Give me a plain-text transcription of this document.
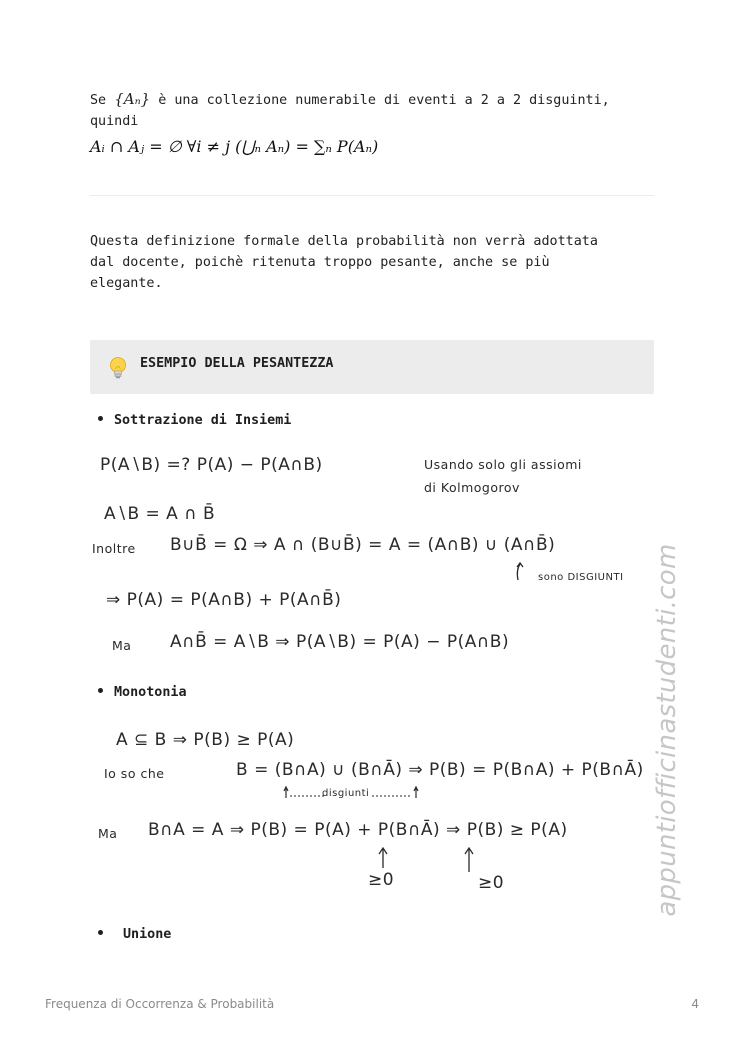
Se {Aₙ} è una collezione numerabile di eventi a 2 a 2 disguinti,
quindi
Aᵢ ∩ Aⱼ = ∅ ∀i ≠ j (⋃ₙ Aₙ) = ∑ₙ P(Aₙ)
Questa definizione formale della probabilità non verrà adottata
dal docente, poichè ritenuta troppo pesante, anche se più
elegante.
ESEMPIO DELLA PESANTEZZA
Sottrazione di Insiemi
Monotonia
Unione
P(A∖B) =? P(A) − P(A∩B)	Usando solo gli assiomi
di Kolmogorov
A∖B = A ∩ B̄
Inoltre B∪B̄ = Ω ⇒ A ∩ (B∪B̄) = A = (A∩B) ∪ (A∩B̄)
sono DISGIUNTI
⇒ P(A) = P(A∩B) + P(A∩B̄)
Ma A∩B̄ = A∖B ⇒ P(A∖B) = P(A) − P(A∩B)
A ⊆ B ⇒ P(B) ≥ P(A)
Io so che	B = (B∩A) ∪ (B∩Ā) ⇒ P(B) = P(B∩A) + P(B∩Ā)
disgiunti
Ma B∩A = A ⇒ P(B) = P(A) + P(B∩Ā) ⇒ P(B) ≥ P(A)
≥0	≥0	appuntiofficinastudenti.com
Frequenza di Occorrenza & Probabilità	4
